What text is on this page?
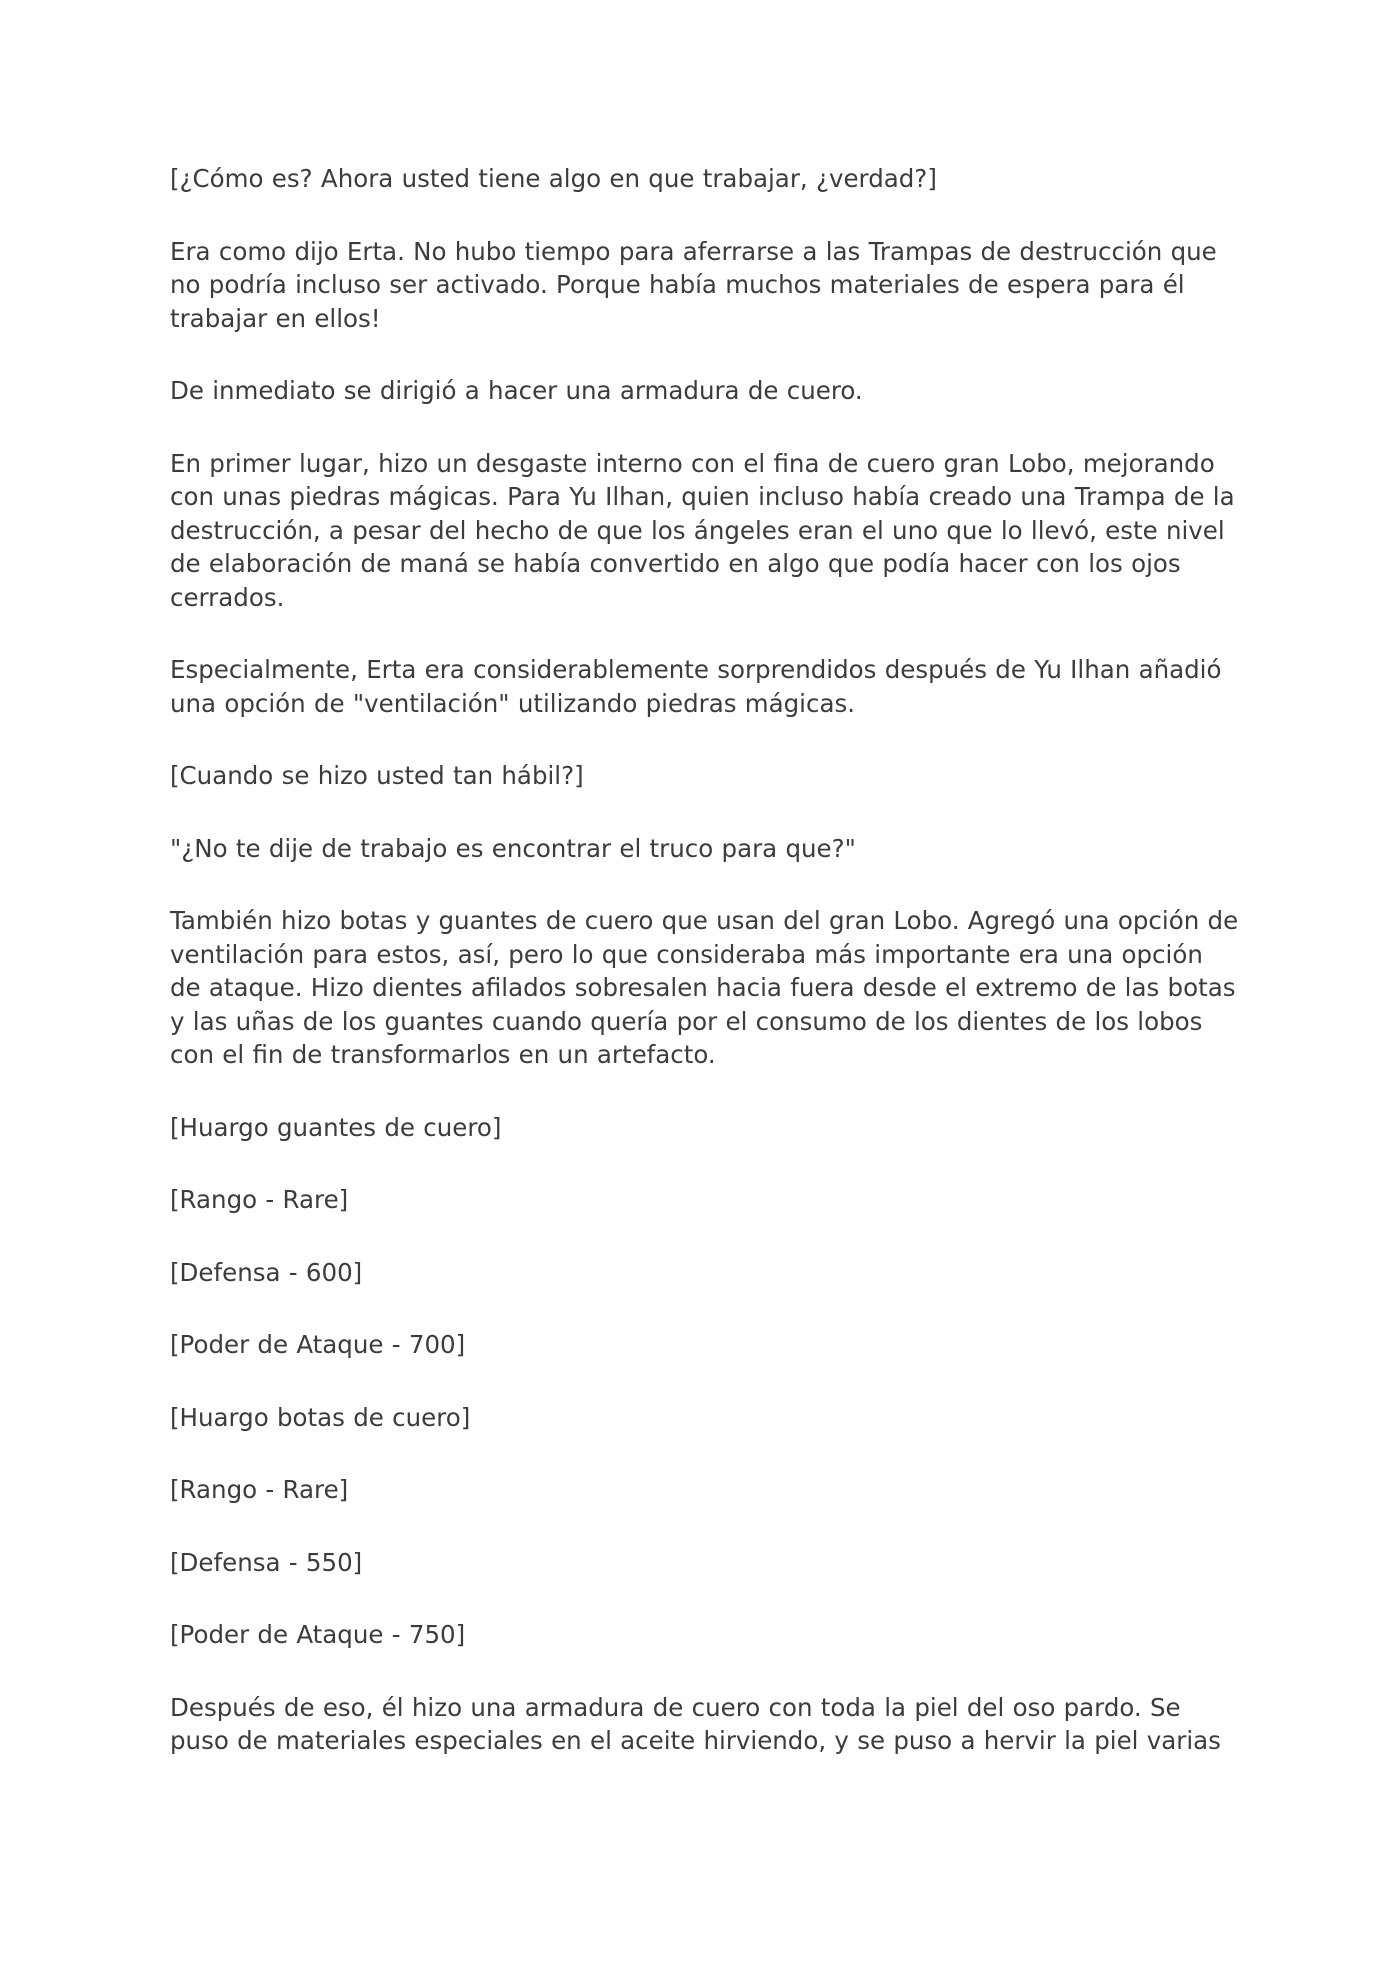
[¿Cómo es? Ahora usted tiene algo en que trabajar, ¿verdad?]

Era como dijo Erta. No hubo tiempo para aferrarse a las Trampas de destrucción que no podría incluso ser activado. Porque había muchos materiales de espera para él trabajar en ellos!

De inmediato se dirigió a hacer una armadura de cuero.

En primer lugar, hizo un desgaste interno con el fina de cuero gran Lobo, mejorando con unas piedras mágicas. Para Yu Ilhan, quien incluso había creado una Trampa de la destrucción, a pesar del hecho de que los ángeles eran el uno que lo llevó, este nivel de elaboración de maná se había convertido en algo que podía hacer con los ojos cerrados.

Especialmente, Erta era considerablemente sorprendidos después de Yu Ilhan añadió una opción de "ventilación" utilizando piedras mágicas.

[Cuando se hizo usted tan hábil?]

"¿No te dije de trabajo es encontrar el truco para que?"

También hizo botas y guantes de cuero que usan del gran Lobo. Agregó una opción de ventilación para estos, así, pero lo que consideraba más importante era una opción de ataque. Hizo dientes afilados sobresalen hacia fuera desde el extremo de las botas y las uñas de los guantes cuando quería por el consumo de los dientes de los lobos con el fin de transformarlos en un artefacto.

[Huargo guantes de cuero]

[Rango - Rare]

[Defensa - 600]

[Poder de Ataque - 700]

[Huargo botas de cuero]

[Rango - Rare]

[Defensa - 550]

[Poder de Ataque - 750]

Después de eso, él hizo una armadura de cuero con toda la piel del oso pardo. Se puso de materiales especiales en el aceite hirviendo, y se puso a hervir la piel varias
